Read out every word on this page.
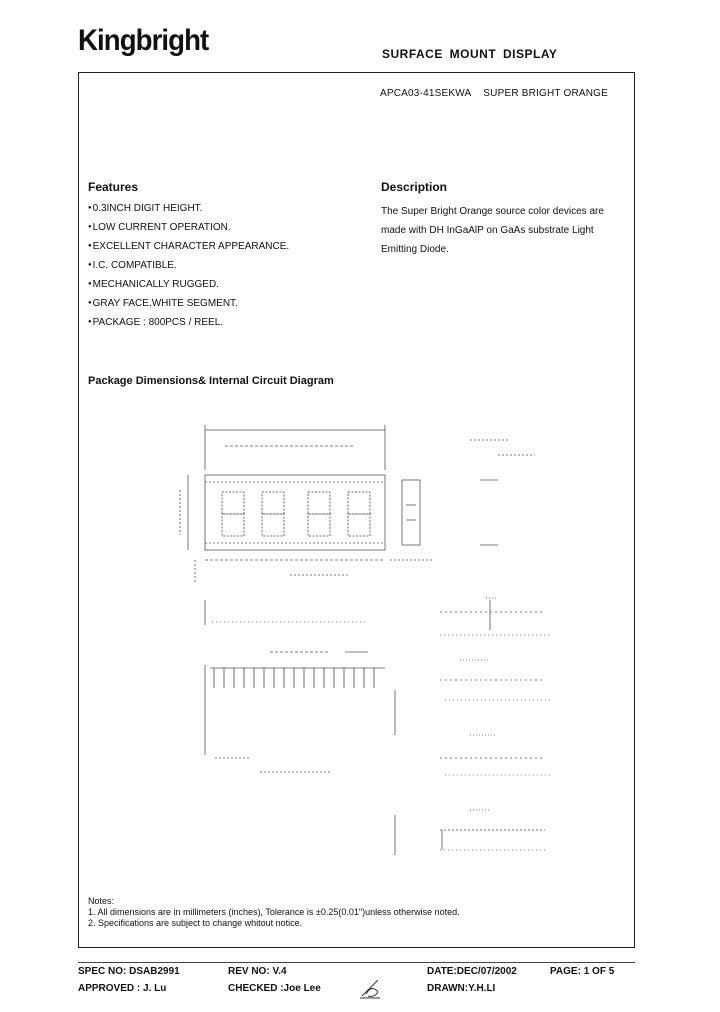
Kingbright	SURFACE MOUNT DISPLAY
APCA03-41SEKWA SUPER BRIGHT ORANGE
Features
● 0.3INCH DIGIT HEIGHT.
● LOW CURRENT OPERATION.
● EXCELLENT CHARACTER APPEARANCE.
● I.C. COMPATIBLE.
● MECHANICALLY RUGGED.
● GRAY FACE,WHITE SEGMENT.
● PACKAGE : 800PCS / REEL.
Description
The Super Bright Orange source color devices are made with DH InGaAlP on GaAs substrate Light Emitting Diode.
Package Dimensions& Internal Circuit Diagram
Notes:
1. All dimensions are in millimeters (inches), Tolerance is ±0.25(0.01")unless otherwise noted.
2. Specifications are subject to change whitout notice.
SPEC NO: DSAB2991	REV NO: V.4	DATE:DEC/07/2002	PAGE: 1 OF 5
APPROVED : J. Lu	CHECKED :Joe Lee	DRAWN:Y.H.LI
